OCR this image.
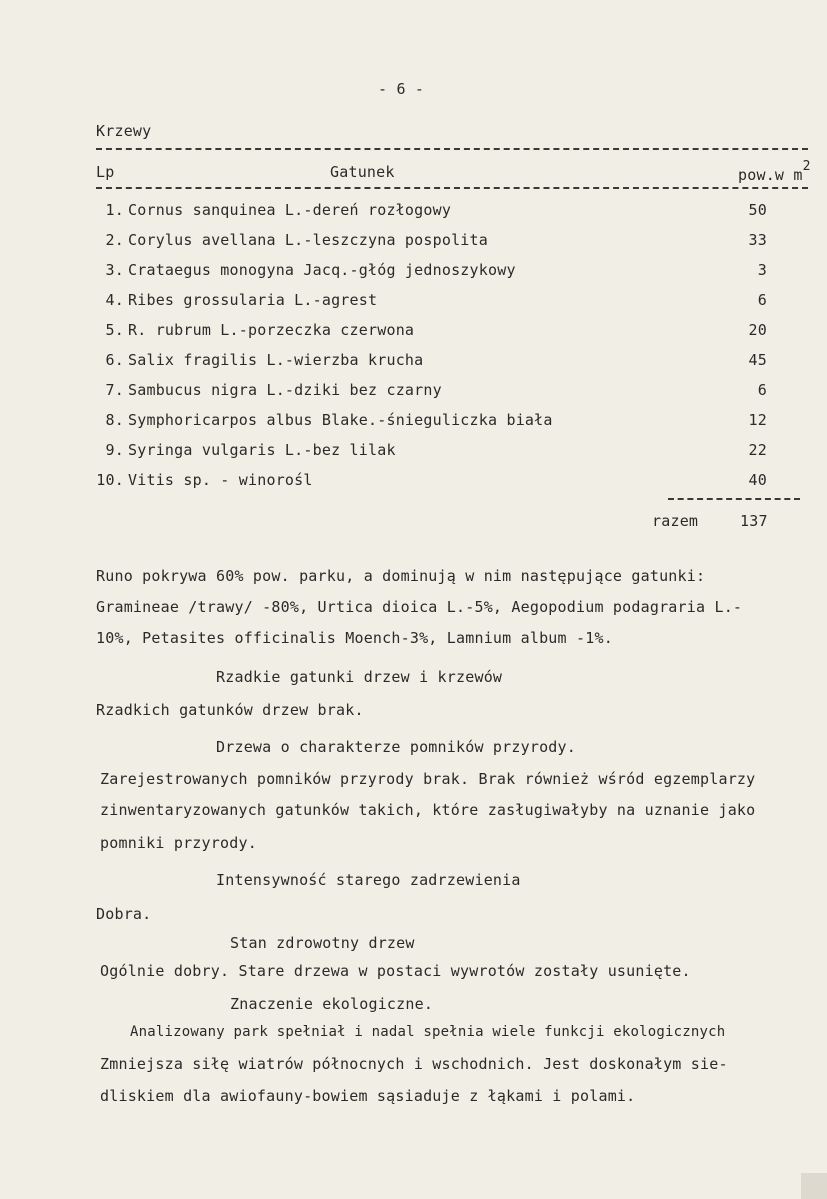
- 6 -
Krzewy
Lp	Gatunek	pow.w $m^2$
1. Cornus sanquinea L.-dereń rozłogowy	50
2. Corylus avellana L.-leszczyna pospolita	33
3. Crataegus monogyna Jacq.-głóg jednoszykowy	3
4. Ribes grossularia L.-agrest	6
5. R. rubrum L.-porzeczka czerwona	20
6. Salix fragilis L.-wierzba krucha	45
7. Sambucus nigra L.-dziki bez czarny	6
8. Symphoricarpos albus Blake.-śnieguliczka biała	12
9. Syringa vulgaris L.-bez lilak	22
10. Vitis sp. - winorośl	40
razem	137
Runo pokrywa 60% pow. parku, a dominują w nim następujące gatunki:
Gramineae /trawy/ -80%, Urtica dioica L.-5%, Aegopodium podagraria L.-
10%, Petasites officinalis Moench-3%, Lamnium album -1%.
Rzadkie gatunki drzew i krzewów
Rzadkich gatunków drzew brak.
Drzewa o charakterze pomników przyrody.
Zarejestrowanych pomników przyrody brak. Brak również wśród egzemplarzy
zinwentaryzowanych gatunków takich, które zasługiwałyby na uznanie jako
pomniki przyrody.
Intensywność starego zadrzewienia
Dobra.
Stan zdrowotny drzew
Ogólnie dobry. Stare drzewa w postaci wywrotów zostały usunięte.
Znaczenie ekologiczne.
Analizowany park spełniał i nadal spełnia wiele funkcji ekologicznych
Zmniejsza siłę wiatrów północnych i wschodnich. Jest doskonałym sie-
dliskiem dla awiofauny-bowiem sąsiaduje z łąkami i polami.
